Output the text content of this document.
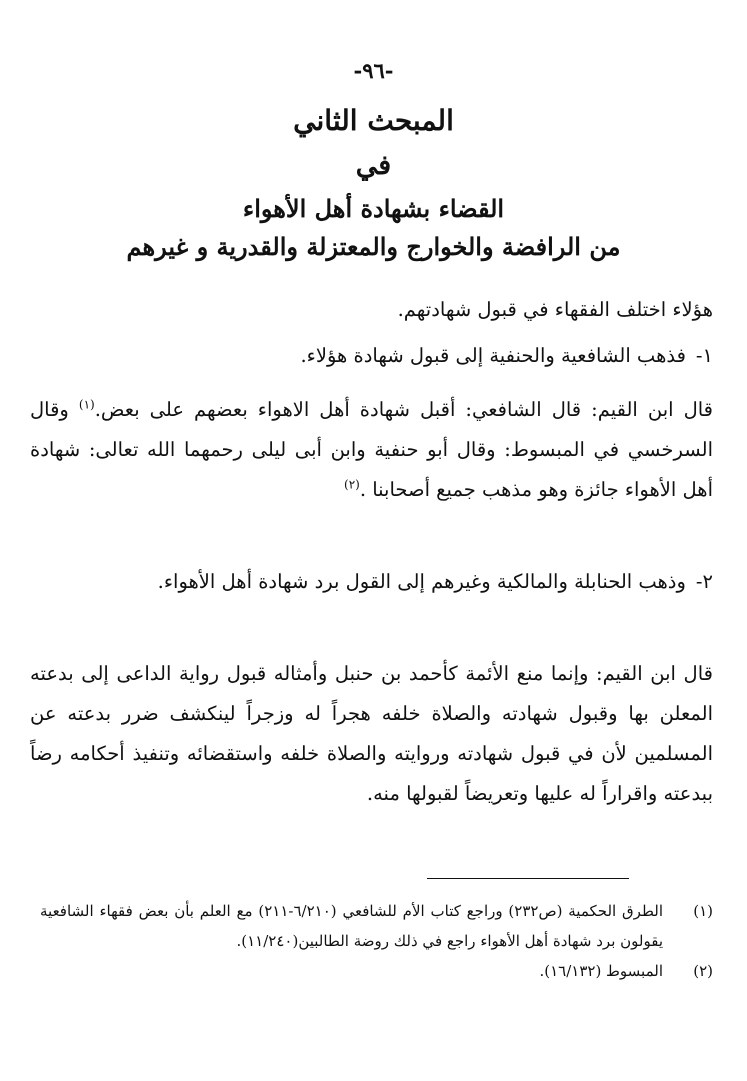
-٩٦-
المبحث الثاني
في
القضاء بشهادة أهل الأهواء
من الرافضة والخوارج والمعتزلة والقدرية و غيرهم
هؤلاء اختلف الفقهاء في قبول شهادتهم.
١-فذهب الشافعية والحنفية إلى قبول شهادة هؤلاء.
قال ابن القيم: قال الشافعي: أقبل شهادة أهل الاهواء بعضهم على بعض.$^{(١)}$ وقال السرخسي في المبسوط: وقال أبو حنفية وابن أبى ليلى رحمهما الله تعالى: شهادة أهل الأهواء جائزة وهو مذهب جميع أصحابنا .$^{(٢)}$
٢-وذهب الحنابلة والمالكية وغيرهم إلى القول برد شهادة أهل الأهواء.
قال ابن القيم: وإنما منع الأئمة كأحمد بن حنبل وأمثاله قبول رواية الداعى إلى بدعته المعلن بها وقبول شهادته والصلاة خلفه هجراً له وزجراً لينكشف ضرر بدعته عن المسلمين لأن في قبول شهادته وروايته والصلاة خلفه واستقضائه وتنفيذ أحكامه رضاً ببدعته واقراراً له عليها وتعريضاً لقبولها منه.
(١)
الطرق الحكمية (ص٢٣٢) وراجع كتاب الأم للشافعي (٦/٢١٠-٢١١) مع العلم بأن بعض فقهاء الشافعية يقولون برد شهادة أهل الأهواء راجع في ذلك روضة الطالبين(١١/٢٤٠).
(٢)
المبسوط (١٦/١٣٢).
